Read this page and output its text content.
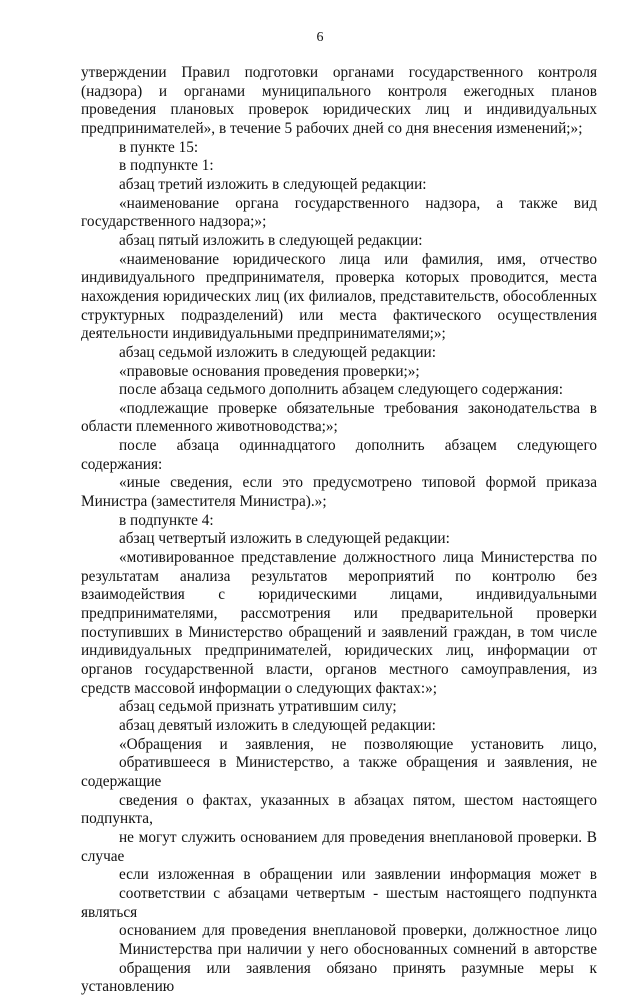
6

утверждении Правил подготовки органами государственного контроля (надзора) и органами муниципального контроля ежегодных планов проведения плановых проверок юридических лиц и индивидуальных предпринимателей», в течение 5 рабочих дней со дня внесения изменений;»;

в пункте 15:

в подпункте 1:

абзац третий изложить в следующей редакции:

«наименование органа государственного надзора, а также вид государственного надзора;»;

абзац пятый изложить в следующей редакции:

«наименование юридического лица или фамилия, имя, отчество индивидуального предпринимателя, проверка которых проводится, места нахождения юридических лиц (их филиалов, представительств, обособленных структурных подразделений) или места фактического осуществления деятельности индивидуальными предпринимателями;»;

абзац седьмой изложить в следующей редакции:

«правовые основания проведения проверки;»;

после абзаца седьмого дополнить абзацем следующего содержания:

«подлежащие проверке обязательные требования законодательства в области племенного животноводства;»;

после абзаца одиннадцатого дополнить абзацем следующего содержания:

«иные сведения, если это предусмотрено типовой формой приказа Министра (заместителя Министра).»;

в подпункте 4:

абзац четвертый изложить в следующей редакции:

«мотивированное представление должностного лица Министерства по результатам анализа результатов мероприятий по контролю без взаимодействия с юридическими лицами, индивидуальными предпринимателями, рассмотрения или предварительной проверки поступивших в Министерство обращений и заявлений граждан, в том числе индивидуальных предпринимателей, юридических лиц, информации от органов государственной власти, органов местного самоуправления, из средств массовой информации о следующих фактах:»;

абзац седьмой признать утратившим силу;

абзац девятый изложить в следующей редакции:

«Обращения и заявления, не позволяющие установить лицо,
обратившееся в Министерство, а также обращения и заявления, не содержащие
сведения о фактах, указанных в абзацах пятом, шестом настоящего подпункта,
не могут служить основанием для проведения внеплановой проверки. В случае
если изложенная в обращении или заявлении информация может в
соответствии с абзацами четвертым - шестым настоящего подпункта являться
основанием для проведения внеплановой проверки, должностное лицо
Министерства при наличии у него обоснованных сомнений в авторстве
обращения или заявления обязано принять разумные меры к установлению
